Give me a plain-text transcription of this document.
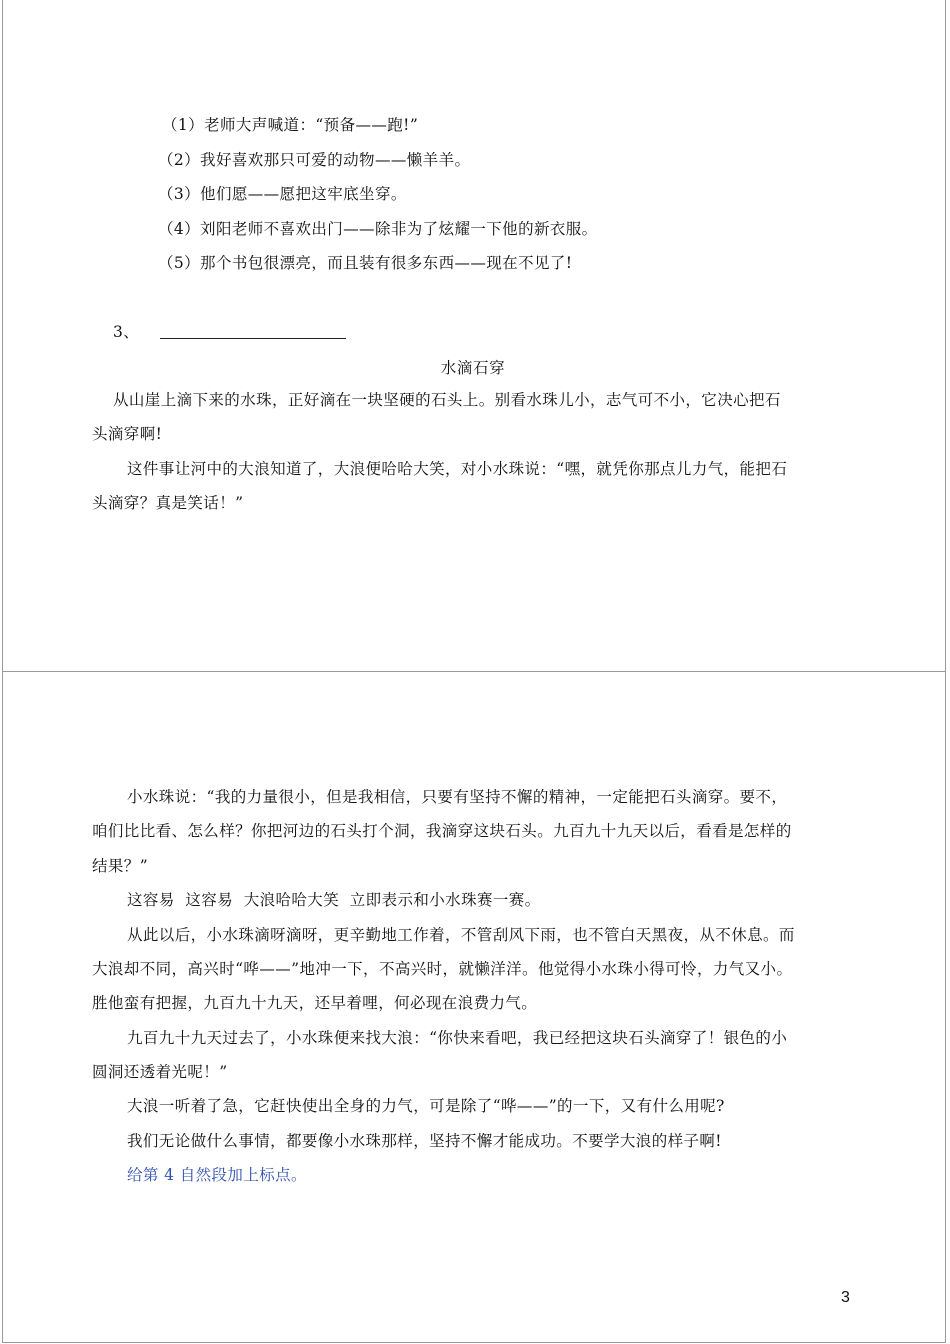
（1）老师大声喊道：“预备——跑!”
（2）我好喜欢那只可爱的动物——懒羊羊。
（3）他们愿——愿把这牢底坐穿。
（4）刘阳老师不喜欢出门——除非为了炫耀一下他的新衣服。
（5）那个书包很漂亮，而且装有很多东西——现在不见了!
3、
水滴石穿
从山崖上滴下来的水珠，正好滴在一块坚硬的石头上。别看水珠儿小，志气可不小，它决心把石
头滴穿啊!
这件事让河中的大浪知道了，大浪便哈哈大笑，对小水珠说：“嘿，就凭你那点儿力气，能把石
头滴穿？真是笑话！”
小水珠说：“我的力量很小，但是我相信，只要有坚持不懈的精神，一定能把石头滴穿。要不，
咱们比比看、怎么样？你把河边的石头打个洞，我滴穿这块石头。九百九十九天以后，看看是怎样的
结果？”
这容易  这容易  大浪哈哈大笑  立即表示和小水珠赛一赛。
从此以后，小水珠滴呀滴呀，更辛勤地工作着，不管刮风下雨，也不管白天黑夜，从不休息。而
大浪却不同，高兴时“哗——”地冲一下，不高兴时，就懒洋洋。他觉得小水珠小得可怜，力气又小。
胜他蛮有把握，九百九十九天，还早着哩，何必现在浪费力气。
九百九十九天过去了，小水珠便来找大浪：“你快来看吧，我已经把这块石头滴穿了！银色的小
圆洞还透着光呢！”
大浪一听着了急，它赶快使出全身的力气，可是除了“哗——”的一下，又有什么用呢?
我们无论做什么事情，都要像小水珠那样，坚持不懈才能成功。不要学大浪的样子啊!
给第 4 自然段加上标点。
3
